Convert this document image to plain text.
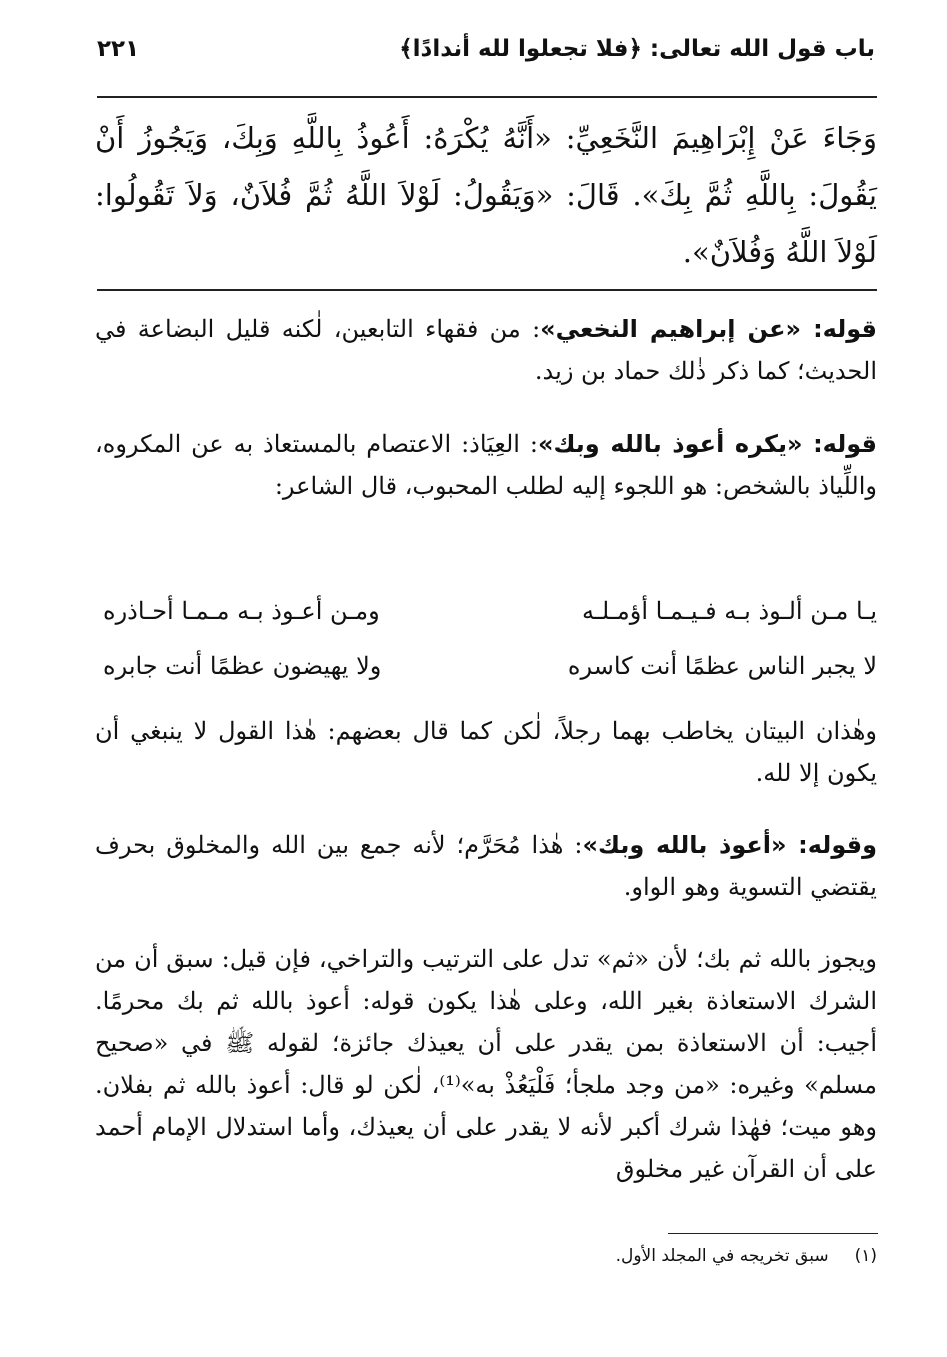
باب قول الله تعالى: ﴿فلا تجعلوا لله أندادًا﴾
٢٢١
وَجَاءَ عَنْ إِبْرَاهِيمَ النَّخَعِيِّ: «أَنَّهُ يُكْرَهُ: أَعُوذُ بِاللَّهِ وَبِكَ، وَيَجُوزُ أَنْ يَقُولَ: بِاللَّهِ ثُمَّ بِكَ». قَالَ: «وَيَقُولُ: لَوْلاَ اللَّهُ ثُمَّ فُلاَنٌ، وَلاَ تَقُولُوا: لَوْلاَ اللَّهُ وَفُلاَنٌ».
قوله: «عن إبراهيم النخعي»: من فقهاء التابعين، لٰكنه قليل البضاعة في الحديث؛ كما ذكر ذٰلك حماد بن زيد.
قوله: «يكره أعوذ بالله وبك»: العِيَاذ: الاعتصام بالمستعاذ به عن المكروه، واللِّياذ بالشخص: هو اللجوء إليه لطلب المحبوب، قال الشاعر:
يـا مـن ألـوذ بـه فـيـمـا أؤمـلـه
ومـن أعـوذ بـه مـمـا أحـاذره
لا يجبر الناس عظمًا أنت كاسره
ولا يهيضون عظمًا أنت جابره
وهٰذان البيتان يخاطب بهما رجلاً، لٰكن كما قال بعضهم: هٰذا القول لا ينبغي أن يكون إلا لله.
وقوله: «أعوذ بالله وبك»: هٰذا مُحَرَّم؛ لأنه جمع بين الله والمخلوق بحرف يقتضي التسوية وهو الواو.
ويجوز بالله ثم بك؛ لأن «ثم» تدل على الترتيب والتراخي، فإن قيل: سبق أن من الشرك الاستعاذة بغير الله، وعلى هٰذا يكون قوله: أعوذ بالله ثم بك محرمًا. أجيب: أن الاستعاذة بمن يقدر على أن يعيذك جائزة؛ لقوله ﷺ في «صحيح مسلم» وغيره: «من وجد ملجأ؛ فَلْيَعُذْ به»⁽¹⁾، لٰكن لو قال: أعوذ بالله ثم بفلان. وهو ميت؛ فهٰذا شرك أكبر لأنه لا يقدر على أن يعيذك، وأما استدلال الإمام أحمد على أن القرآن غير مخلوق
(١)سبق تخريجه في المجلد الأول.
